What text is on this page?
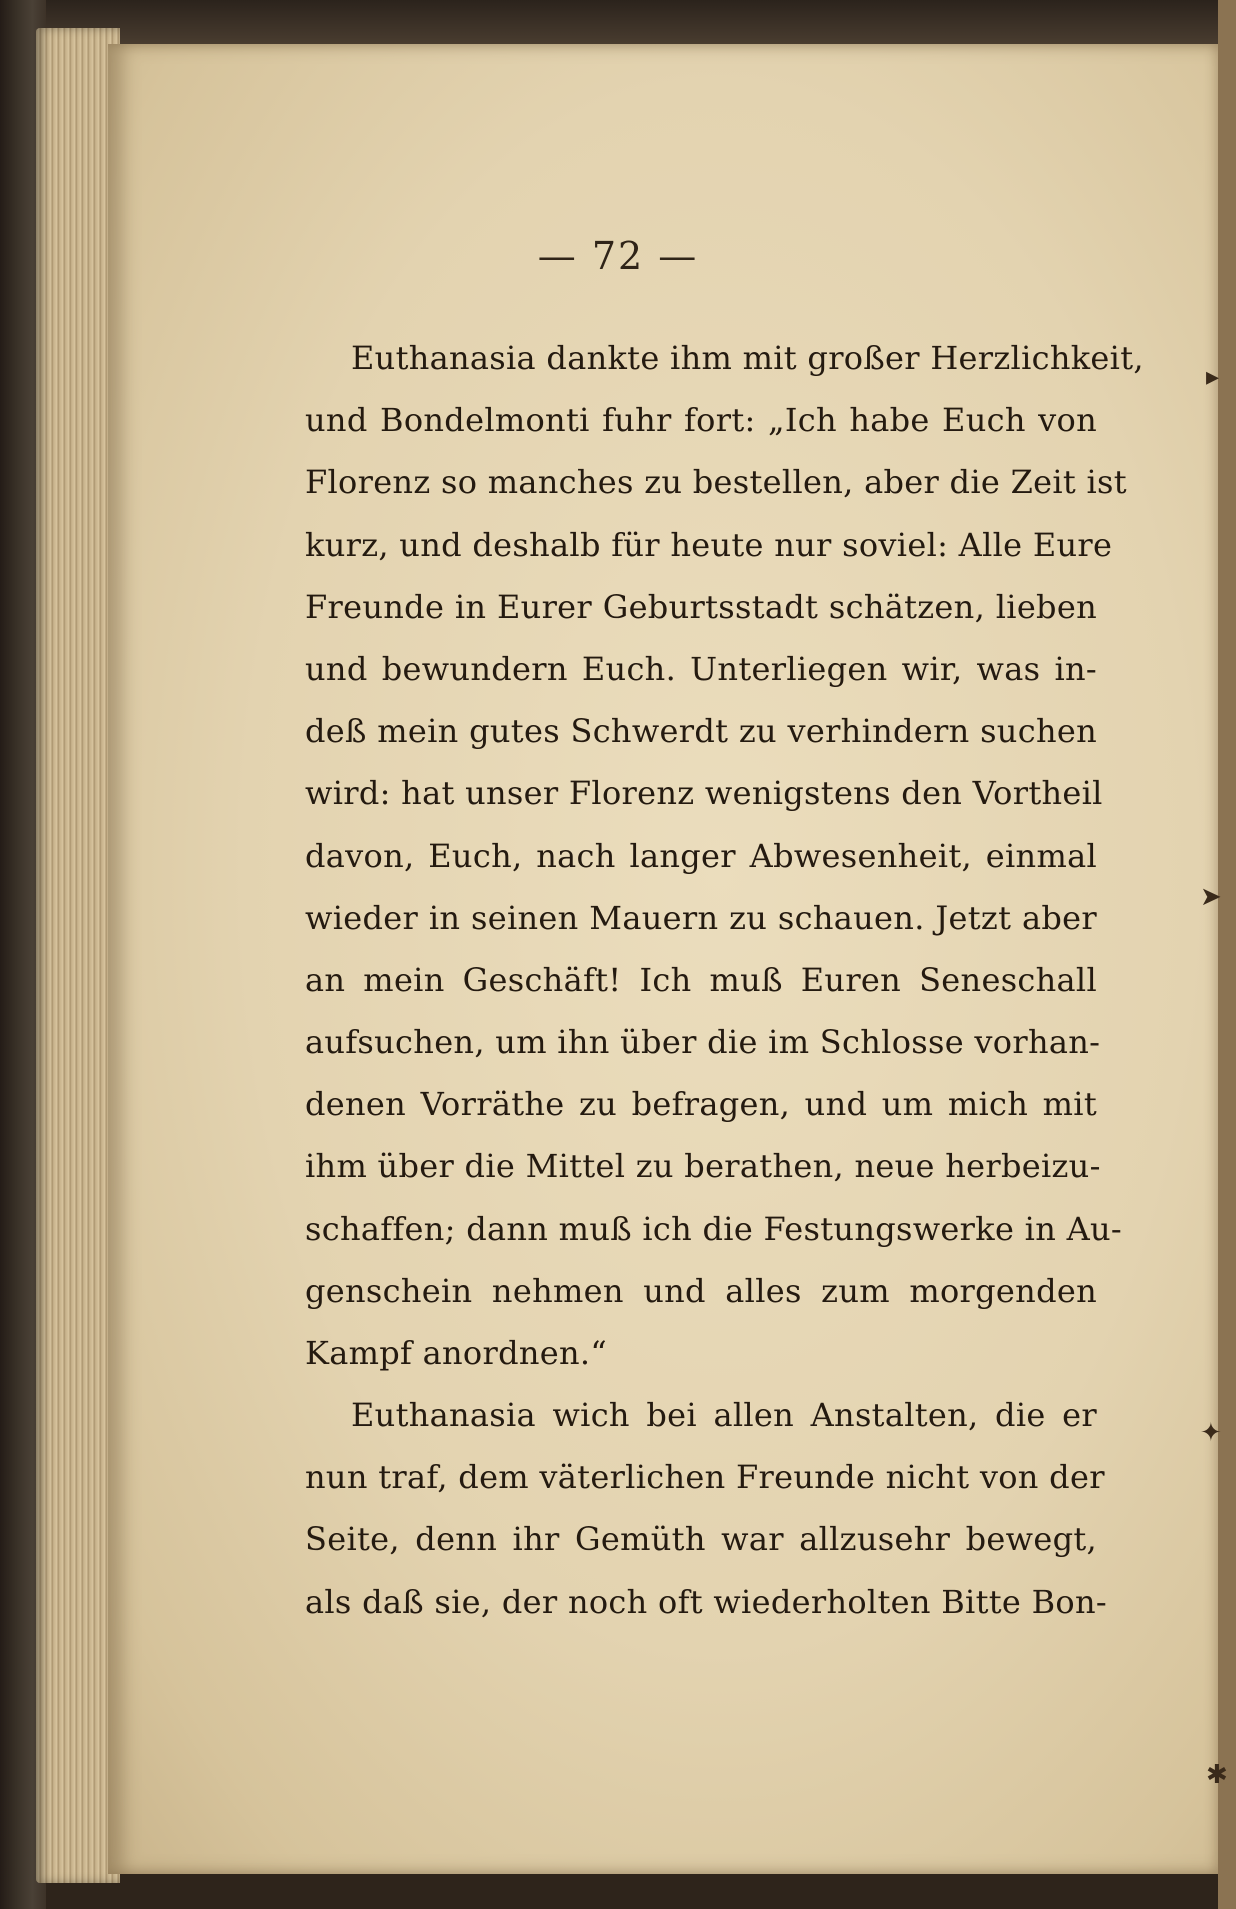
— 72 —
Euthanasia dankte ihm mit großer Herzlichkeit,
und Bondelmonti fuhr fort: „Ich habe Euch von
Florenz so manches zu bestellen, aber die Zeit ist
kurz, und deshalb für heute nur soviel: Alle Eure
Freunde in Eurer Geburtsstadt schätzen, lieben
und bewundern Euch. Unterliegen wir, was in-
deß mein gutes Schwerdt zu verhindern suchen
wird: hat unser Florenz wenigstens den Vortheil
davon, Euch, nach langer Abwesenheit, einmal
wieder in seinen Mauern zu schauen. Jetzt aber
an mein Geschäft! Ich muß Euren Seneschall
aufsuchen, um ihn über die im Schlosse vorhan-
denen Vorräthe zu befragen, und um mich mit
ihm über die Mittel zu berathen, neue herbeizu-
schaffen; dann muß ich die Festungswerke in Au-
genschein nehmen und alles zum morgenden
Kampf anordnen.“
Euthanasia wich bei allen Anstalten, die er
nun traf, dem väterlichen Freunde nicht von der
Seite, denn ihr Gemüth war allzusehr bewegt,
als daß sie, der noch oft wiederholten Bitte Bon-
▸
➤
✦
✱
